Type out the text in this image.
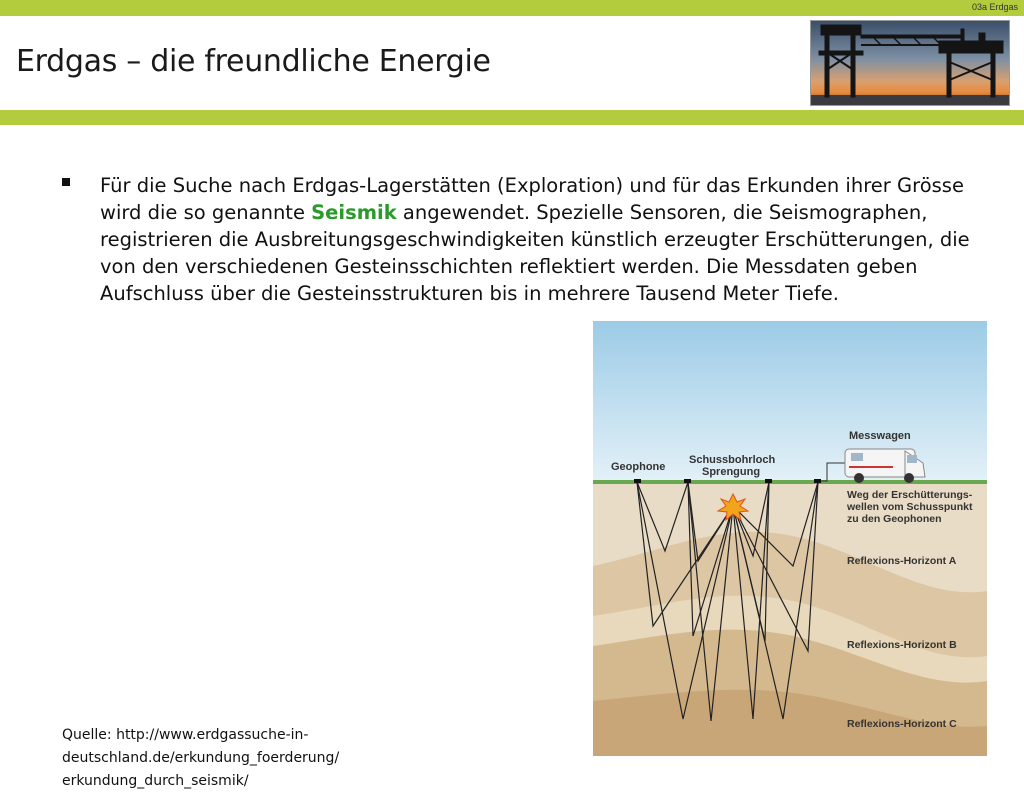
03a Erdgas
Erdgas – die freundliche Energie
Für die Suche nach Erdgas-Lagerstätten (Exploration) und für das Erkunden ihrer Grösse wird die so genannte Seismik angewendet. Spezielle Sensoren, die Seismographen, registrieren die Ausbreitungsgeschwindigkeiten künstlich erzeugter Erschütterungen, die von den verschiedenen Gesteinsschichten reflektiert werden. Die Messdaten geben Aufschluss über die Gesteinsstrukturen bis in mehrere Tausend Meter Tiefe.
Messwagen
Geophone
Schussbohrloch
Sprengung
Weg der Erschütterungs-
wellen vom Schusspunkt
zu den Geophonen
Reflexions-Horizont A
Reflexions-Horizont B
Reflexions-Horizont C
Quelle: http://www.erdgassuche-in-deutschland.de/erkundung_foerderung/
erkundung_durch_seismik/
